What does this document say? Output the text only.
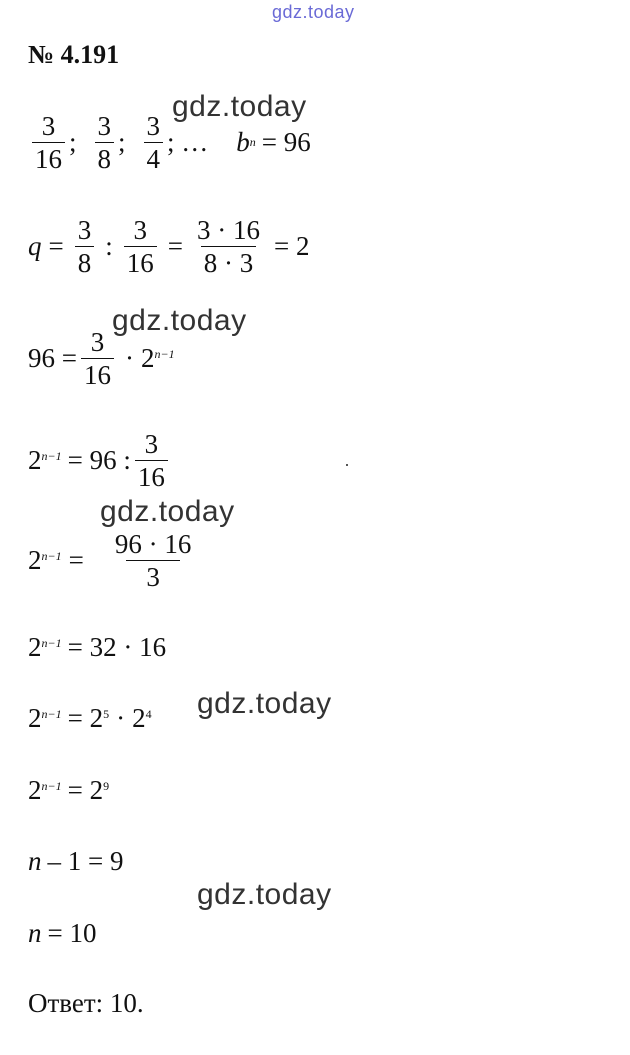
gdz.today
№ 4.191
$\frac{3}{16}$ ; $\frac{3}{8}$ ; $\frac{3}{4}$ ; … b n = 96
$q = \frac{3}{8}$ : $\frac{3}{16} = \frac{3 \cdot 16}{8 \cdot 3} = 2$
$96 = \frac{3}{16} \cdot 2^{n-1}$
$2^{n-1} = 96$ : $\frac{3}{16}$
$2^{n-1} = \frac{96 \cdot 16}{3}$
$2^{n-1} = 32 \cdot 16$
$2^{n-1} = 2^5 \cdot 2^4$
$2^{n-1} = 2^9$
n – 1 = 9
n = 10
Ответ: 10.
gdz.today
gdz.today
gdz.today
gdz.today
gdz.today
